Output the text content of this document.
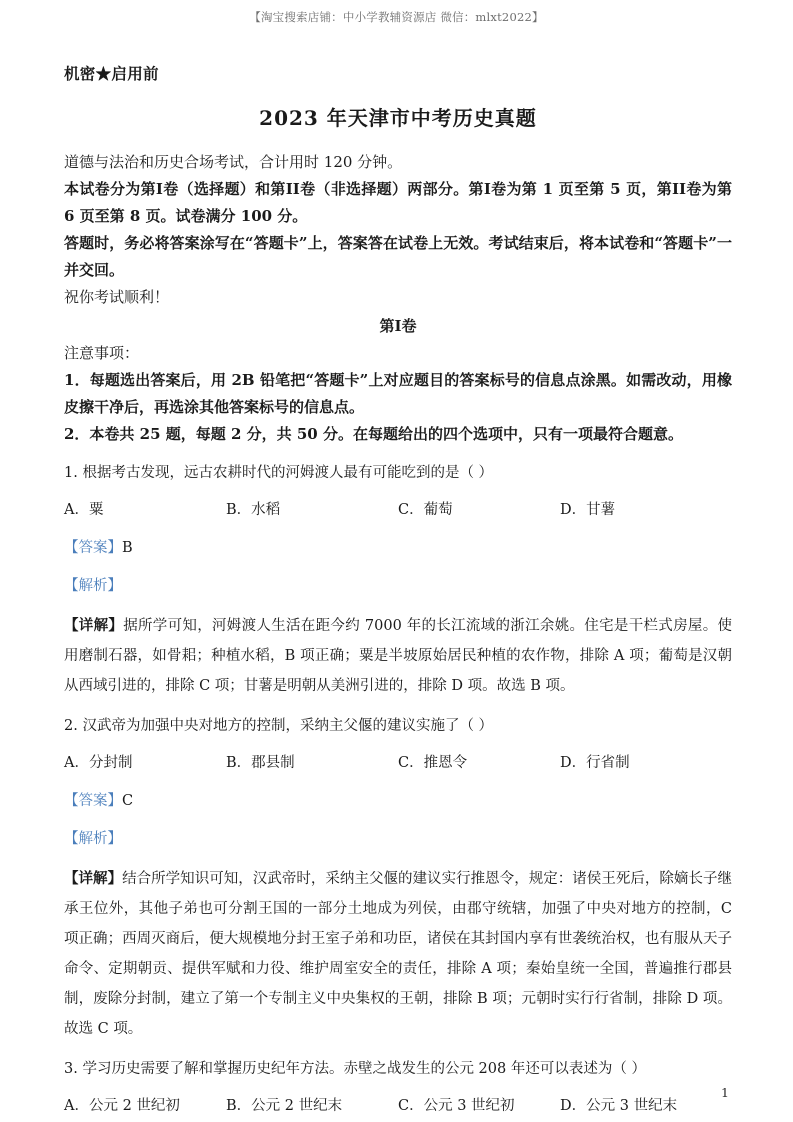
【淘宝搜索店铺：中小学教辅资源店 微信：mlxt2022】

机密★启用前

2023 年天津市中考历史真题

道德与法治和历史合场考试，合计用时 120 分钟。

本试卷分为第I卷（选择题）和第II卷（非选择题）两部分。第I卷为第 1 页至第 5 页，第II卷为第 6 页至第 8 页。试卷满分 100 分。

答题时，务必将答案涂写在“答题卡”上，答案答在试卷上无效。考试结束后，将本试卷和“答题卡”一并交回。

祝你考试顺利！

第I卷

注意事项：

1．每题选出答案后，用 2B 铅笔把“答题卡”上对应题目的答案标号的信息点涂黑。如需改动，用橡皮擦干净后，再选涂其他答案标号的信息点。

2．本卷共 25 题，每题 2 分，共 50 分。在每题给出的四个选项中，只有一项最符合题意。

1. 根据考古发现，远古农耕时代的河姆渡人最有可能吃到的是（ ）

A．粟	B．水稻	C．葡萄	D．甘薯

【答案】B

【解析】

【详解】据所学可知，河姆渡人生活在距今约 7000 年的长江流域的浙江余姚。住宅是干栏式房屋。使用磨制石器，如骨耜；种植水稻，B 项正确；粟是半坡原始居民种植的农作物，排除 A 项；葡萄是汉朝从西域引进的，排除 C 项；甘薯是明朝从美洲引进的，排除 D 项。故选 B 项。

2. 汉武帝为加强中央对地方的控制，采纳主父偃的建议实施了（ ）

A．分封制	B．郡县制	C．推恩令	D．行省制

【答案】C

【解析】

【详解】结合所学知识可知，汉武帝时，采纳主父偃的建议实行推恩令，规定：诸侯王死后，除嫡长子继承王位外，其他子弟也可分割王国的一部分土地成为列侯，由郡守统辖，加强了中央对地方的控制，C 项正确；西周灭商后，便大规模地分封王室子弟和功臣，诸侯在其封国内享有世袭统治权，也有服从天子命令、定期朝贡、提供军赋和力役、维护周室安全的责任，排除 A 项；秦始皇统一全国，普遍推行郡县制，废除分封制，建立了第一个专制主义中央集权的王朝，排除 B 项；元朝时实行行省制，排除 D 项。故选 C 项。

3. 学习历史需要了解和掌握历史纪年方法。赤壁之战发生的公元 208 年还可以表述为（ ）

A．公元 2 世纪初	B．公元 2 世纪末	C．公元 3 世纪初	D．公元 3 世纪末
1
